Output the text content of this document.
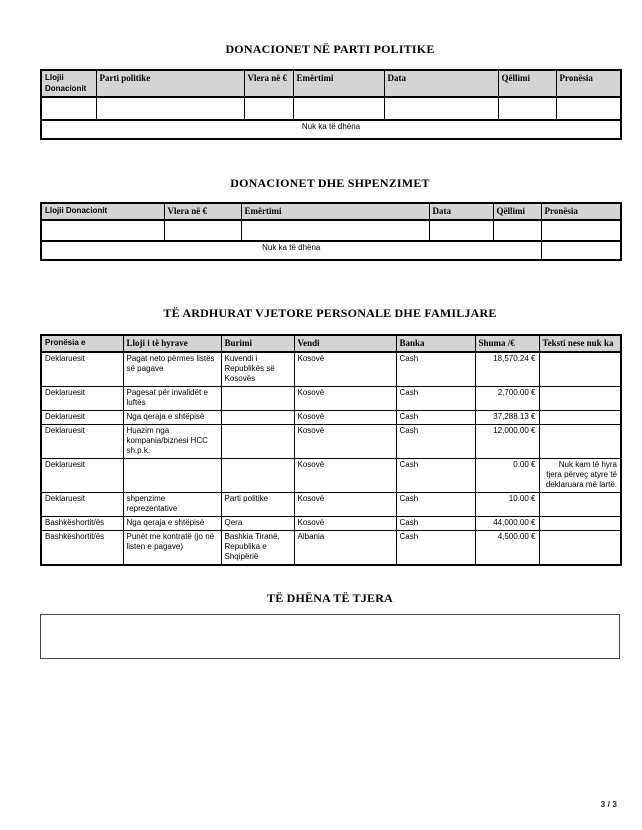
DONACIONET NË PARTI POLITIKE
Llojii Donacionit	Parti politike	Vlera në €	Emërtimi	Data	Qëllimi	Pronësia

Nuk ka të dhëna						
DONACIONET DHE SHPENZIMET
Llojii Donacionit	Vlera në €	Emërtimi	Data	Qëllimi	Pronësia

Nuk ka të dhëna					
TË ARDHURAT VJETORE PERSONALE DHE FAMILJARE
Pronësia e	Lloji i të hyrave	Burimi	Vendi	Banka	Shuma /€	Teksti nese nuk ka
Deklaruesit	Pagat neto përmes listës së pagave	Kuvendi i Republikës së Kosovës	Kosovë	Cash	18,570.24 €	
Deklaruesit	Pagesat për invalidët e luftës		Kosovë	Cash	2,700.00 €	
Deklaruesit	Nga qeraja e shtëpisë		Kosovë	Cash	37,288.13 €	
Deklaruesit	Huazim nga kompania/biznesi HCC sh.p.k.		Kosovë	Cash	12,000.00 €	
Deklaruesit			Kosovë	Cash	0.00 €	Nuk kam të hyra tjera përveç atyre të deklaruara më lartë.
Deklaruesit	shpenzime reprezentative	Parti politike	Kosovë	Cash	10.00 €	
Bashkëshortit/ës	Nga qeraja e shtëpisë	Qera	Kosovë	Cash	44,000.00 €	
Bashkëshortit/ës	Punët me kontratë (jo në listen e pagave)	Bashkia Tiranë, Republika e Shqipërië	Albania	Cash	4,500.00 €	
TË DHËNA TË TJERA
3 / 3
